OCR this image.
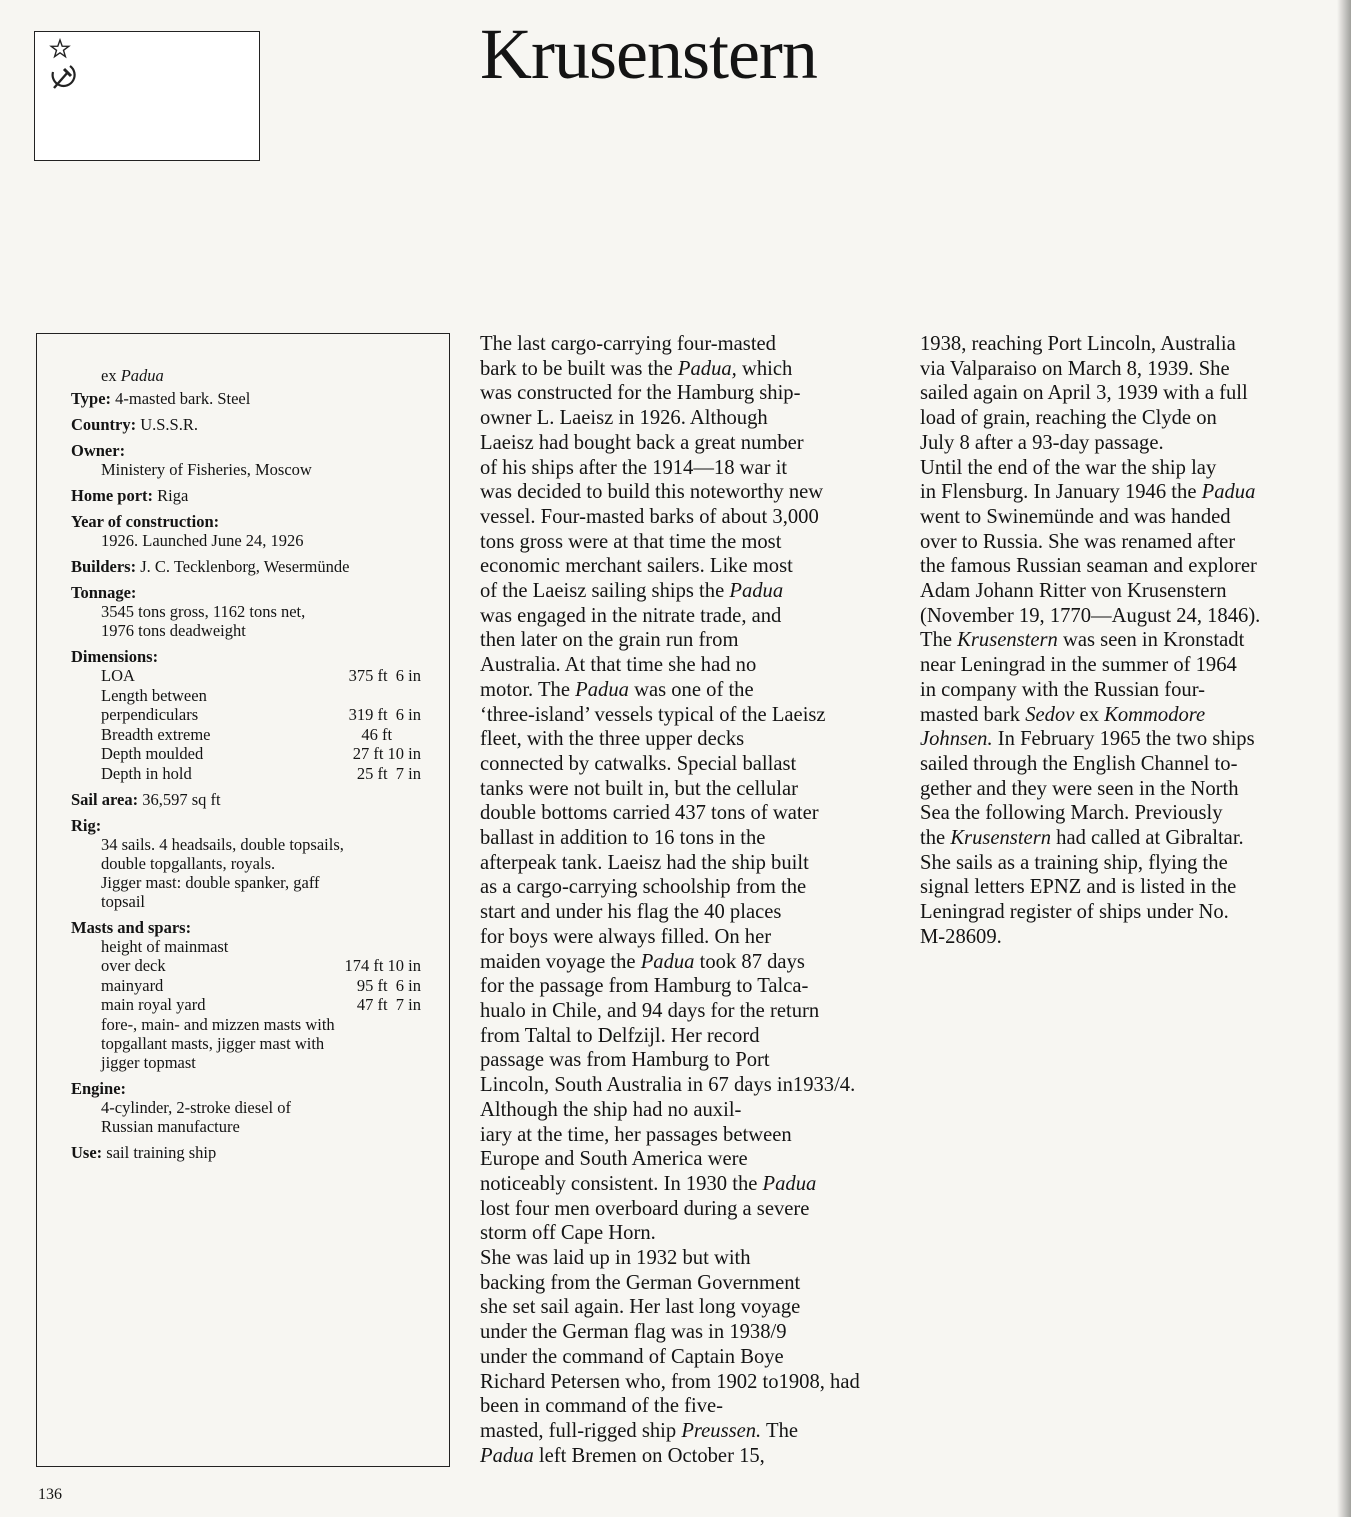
Krusenstern
ex Padua
Type: 4-masted bark. Steel
Country: U.S.S.R.
Owner:
Ministery of Fisheries, Moscow
Home port: Riga
Year of construction:
1926. Launched June 24, 1926
Builders: J. C. Tecklenborg, Wesermünde
Tonnage:
3545 tons gross, 1162 tons net,
1976 tons deadweight
Dimensions:
LOA	375 ft  6 in
Length between
perpendiculars	319 ft  6 in
Breadth extreme	46 ft
Depth moulded	27 ft 10 in
Depth in hold	25 ft  7 in
Sail area: 36,597 sq ft
Rig:
34 sails. 4 headsails, double topsails,
double topgallants, royals.
Jigger mast: double spanker, gaff
topsail
Masts and spars:
height of mainmast
over deck	174 ft 10 in
mainyard	95 ft  6 in
main royal yard	47 ft  7 in
fore-, main- and mizzen masts with
topgallant masts, jigger mast with
jigger topmast
Engine:
4-cylinder, 2-stroke diesel of
Russian manufacture
Use: sail training ship

The last cargo-carrying four-masted
bark to be built was the Padua, which
was constructed for the Hamburg ship-
owner L. Laeisz in 1926. Although
Laeisz had bought back a great number
of his ships after the 1914—18 war it
was decided to build this noteworthy new
vessel. Four-masted barks of about 3,000
tons gross were at that time the most
economic merchant sailers. Like most
of the Laeisz sailing ships the Padua
was engaged in the nitrate trade, and
then later on the grain run from
Australia. At that time she had no
motor. The Padua was one of the
‘three-island’ vessels typical of the Laeisz
fleet, with the three upper decks
connected by catwalks. Special ballast
tanks were not built in, but the cellular
double bottoms carried 437 tons of water
ballast in addition to 16 tons in the
afterpeak tank. Laeisz had the ship built
as a cargo-carrying schoolship from the
start and under his flag the 40 places
for boys were always filled. On her
maiden voyage the Padua took 87 days
for the passage from Hamburg to Talca-
hualo in Chile, and 94 days for the return
from Taltal to Delfzijl. Her record
passage was from Hamburg to Port
Lincoln, South Australia in 67 days in1933/4. Although the ship had no auxil-
iary at the time, her passages between
Europe and South America were
noticeably consistent. In 1930 the Padua
lost four men overboard during a severe
storm off Cape Horn.

She was laid up in 1932 but with
backing from the German Government
she set sail again. Her last long voyage
under the German flag was in 1938/9
under the command of Captain Boye
Richard Petersen who, from 1902 to1908, had been in command of the five-
masted, full-rigged ship Preussen. The
Padua left Bremen on October 15,

1938, reaching Port Lincoln, Australia
via Valparaiso on March 8, 1939. She
sailed again on April 3, 1939 with a full
load of grain, reaching the Clyde on
July 8 after a 93-day passage.

Until the end of the war the ship lay
in Flensburg. In January 1946 the Padua
went to Swinemünde and was handed
over to Russia. She was renamed after
the famous Russian seaman and explorer
Adam Johann Ritter von Krusenstern
(November 19, 1770—August 24, 1846).
The Krusenstern was seen in Kronstadt
near Leningrad in the summer of 1964
in company with the Russian four-
masted bark Sedov ex Kommodore
Johnsen. In February 1965 the two ships
sailed through the English Channel to-
gether and they were seen in the North
Sea the following March. Previously
the Krusenstern had called at Gibraltar.
She sails as a training ship, flying the
signal letters EPNZ and is listed in the
Leningrad register of ships under No.
M-28609.

136
